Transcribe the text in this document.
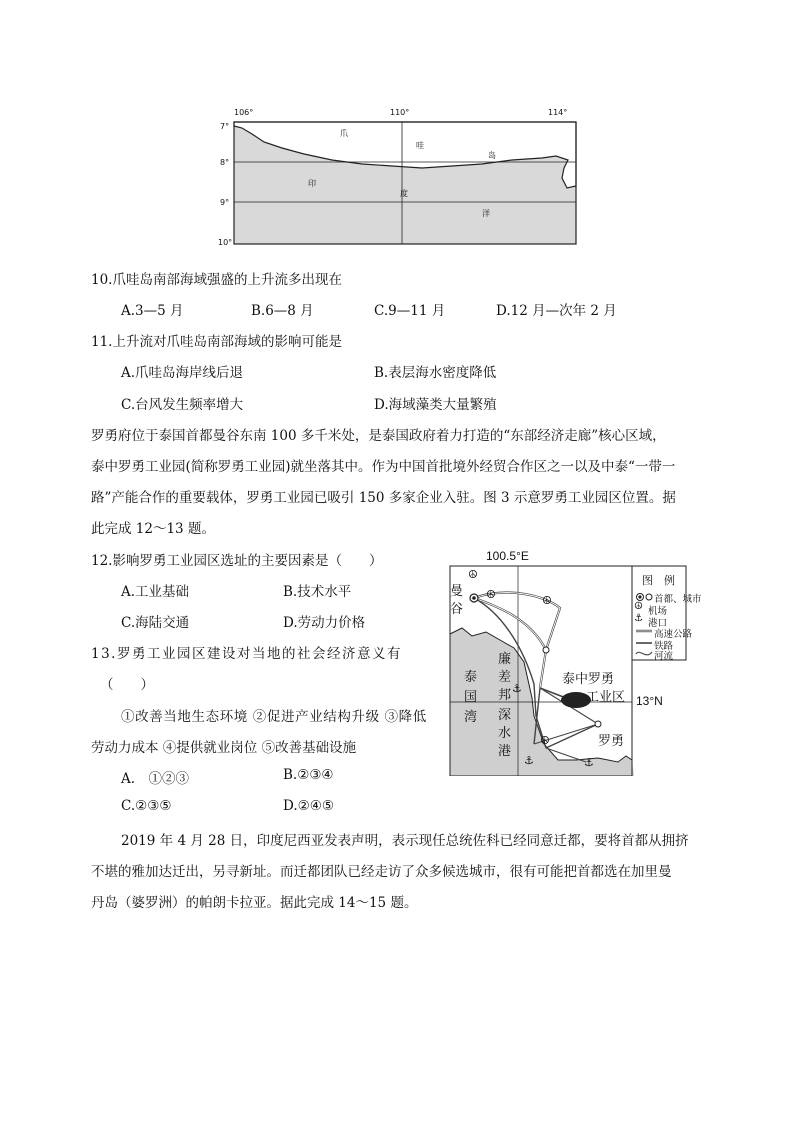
106°	110°	114°
7°
8°
9°
10°
爪
哇
岛
印
度
洋
10.爪哇岛南部海域强盛的上升流多出现在
A.3—5 月	B.6—8 月	C.9—11 月	D.12 月—次年 2 月
11.上升流对爪哇岛南部海域的影响可能是
A.爪哇岛海岸线后退	B.表层海水密度降低
C.台风发生频率增大	D.海域藻类大量繁殖
罗勇府位于泰国首都曼谷东南 100 多千米处，是泰国政府着力打造的“东部经济走廊”核心区域，
泰中罗勇工业园(简称罗勇工业园)就坐落其中。作为中国首批境外经贸合作区之一以及中泰“一带一
路”产能合作的重要载体，罗勇工业园已吸引 150 多家企业入驻。图 3 示意罗勇工业园区位置。据
此完成 12～13 题。
12.影响罗勇工业园区选址的主要因素是（　　）
A.工业基础	B.技术水平
C.海陆交通	D.劳动力价格
13.罗勇工业园区建设对当地的社会经济意义有
（　　）
①改善当地生态环境 ②促进产业结构升级 ③降低
劳动力成本 ④提供就业岗位 ⑤改善基础设施
A.　①②③	B.②③④
C.②③⑤	D.②④⑤
☮
☮	☮
☮
☮
⚓
⚓	⚓
⚓
100.5°E
13°N
曼
谷
泰
国
湾
廉
差
邦
深
水
港
泰中罗勇
工业区
罗勇
图　例
首都、城市
机场
港口
高速公路
铁路
河流
2019 年 4 月 28 日，印度尼西亚发表声明，表示现任总统佐科已经同意迁都，要将首都从拥挤
不堪的雅加达迁出，另寻新址。而迁都团队已经走访了众多候选城市，很有可能把首都选在加里曼
丹岛（婆罗洲）的帕朗卡拉亚。据此完成 14～15 题。
